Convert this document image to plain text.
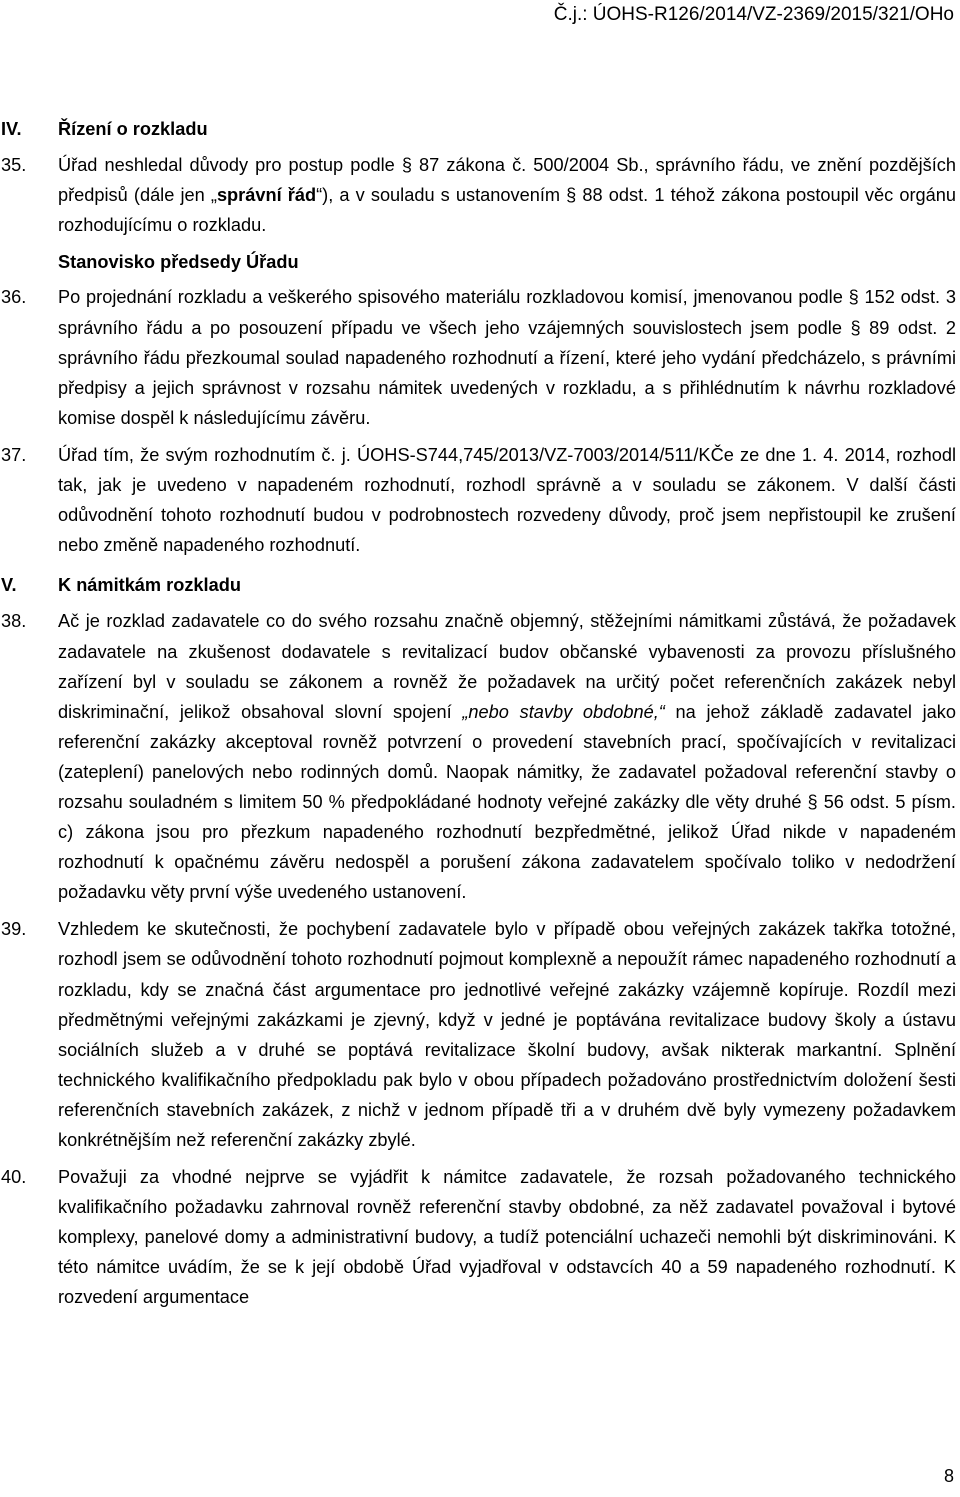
Č.j.: ÚOHS-R126/2014/VZ-2369/2015/321/OHo
IV. Řízení o rozkladu
35. Úřad neshledal důvody pro postup podle § 87 zákona č. 500/2004 Sb., správního řádu, ve znění pozdějších předpisů (dále jen „správní řád“), a v souladu s ustanovením § 88 odst. 1 téhož zákona postoupil věc orgánu rozhodujícímu o rozkladu.
Stanovisko předsedy Úřadu
36. Po projednání rozkladu a veškerého spisového materiálu rozkladovou komisí, jmenovanou podle § 152 odst. 3 správního řádu a po posouzení případu ve všech jeho vzájemných souvislostech jsem podle § 89 odst. 2 správního řádu přezkoumal soulad napadeného rozhodnutí a řízení, které jeho vydání předcházelo, s právními předpisy a jejich správnost v rozsahu námitek uvedených v rozkladu, a s přihlédnutím k návrhu rozkladové komise dospěl k následujícímu závěru.
37. Úřad tím, že svým rozhodnutím č. j. ÚOHS-S744,745/2013/VZ-7003/2014/511/KČe ze dne 1. 4. 2014, rozhodl tak, jak je uvedeno v napadeném rozhodnutí, rozhodl správně a v souladu se zákonem. V další části odůvodnění tohoto rozhodnutí budou v podrobnostech rozvedeny důvody, proč jsem nepřistoupil ke zrušení nebo změně napadeného rozhodnutí.
V. K námitkám rozkladu
38. Ač je rozklad zadavatele co do svého rozsahu značně objemný, stěžejními námitkami zůstává, že požadavek zadavatele na zkušenost dodavatele s revitalizací budov občanské vybavenosti za provozu příslušného zařízení byl v souladu se zákonem a rovněž že požadavek na určitý počet referenčních zakázek nebyl diskriminační, jelikož obsahoval slovní spojení „nebo stavby obdobné,“ na jehož základě zadavatel jako referenční zakázky akceptoval rovněž potvrzení o provedení stavebních prací, spočívajících v revitalizaci (zateplení) panelových nebo rodinných domů. Naopak námitky, že zadavatel požadoval referenční stavby o rozsahu souladném s limitem 50 % předpokládané hodnoty veřejné zakázky dle věty druhé § 56 odst. 5 písm. c) zákona jsou pro přezkum napadeného rozhodnutí bezpředmětné, jelikož Úřad nikde v napadeném rozhodnutí k opačnému závěru nedospěl a porušení zákona zadavatelem spočívalo toliko v nedodržení požadavku věty první výše uvedeného ustanovení.
39. Vzhledem ke skutečnosti, že pochybení zadavatele bylo v případě obou veřejných zakázek takřka totožné, rozhodl jsem se odůvodnění tohoto rozhodnutí pojmout komplexně a nepoužít rámec napadeného rozhodnutí a rozkladu, kdy se značná část argumentace pro jednotlivé veřejné zakázky vzájemně kopíruje. Rozdíl mezi předmětnými veřejnými zakázkami je zjevný, když v jedné je poptávána revitalizace budovy školy a ústavu sociálních služeb a v druhé se poptává revitalizace školní budovy, avšak nikterak markantní. Splnění technického kvalifikačního předpokladu pak bylo v obou případech požadováno prostřednictvím doložení šesti referenčních stavebních zakázek, z nichž v jednom případě tři a v druhém dvě byly vymezeny požadavkem konkrétnějším než referenční zakázky zbylé.
40. Považuji za vhodné nejprve se vyjádřit k námitce zadavatele, že rozsah požadovaného technického kvalifikačního požadavku zahrnoval rovněž referenční stavby obdobné, za něž zadavatel považoval i bytové komplexy, panelové domy a administrativní budovy, a tudíž potenciální uchazeči nemohli být diskriminováni. K této námitce uvádím, že se k její obdobě Úřad vyjadřoval v odstavcích 40 a 59 napadeného rozhodnutí. K rozvedení argumentace
8
